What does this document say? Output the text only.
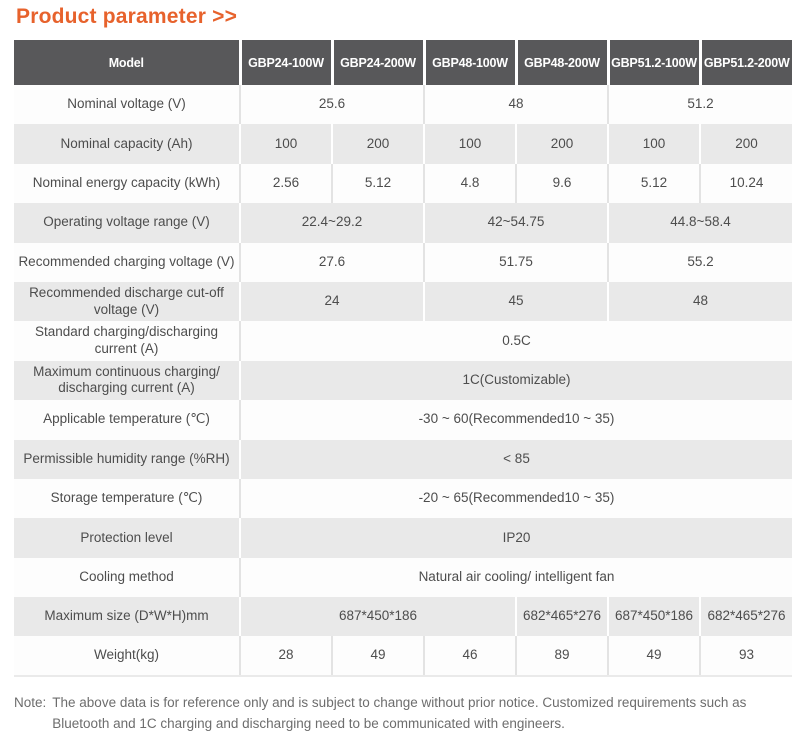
Product parameter >>
Model	GBP24-100W	GBP24-200W	GBP48-100W	GBP48-200W	GBP51.2-100W	GBP51.2-200W
Nominal voltage (V)	25.6		48		51.2	
Nominal capacity (Ah)	100	200	100	200	100	200
Nominal energy capacity (kWh)	2.56	5.12	4.8	9.6	5.12	10.24
Operating voltage range (V)	22.4~29.2		42~54.75		44.8~58.4	
Recommended charging voltage (V)	27.6		51.75		55.2	
Recommended discharge cut-off voltage (V)	24		45		48	
Standard charging/discharging current (A)	0.5C					
Maximum continuous charging/ discharging current (A)	1C(Customizable)					
Applicable temperature (℃)	-30 ~ 60(Recommended10 ~ 35)					
Permissible humidity range (%RH)	< 85					
Storage temperature (℃)	-20 ~ 65(Recommended10 ~ 35)					
Protection level	IP20					
Cooling method	Natural air cooling/ intelligent fan					
Maximum size (D*W*H)mm	687*450*186			682*465*276	687*450*186	682*465*276
Weight(kg)	28	49	46	89	49	93
Note: The above data is for reference only and is subject to change without prior notice. Customized requirements such as Bluetooth and 1C charging and discharging need to be communicated with engineers.
